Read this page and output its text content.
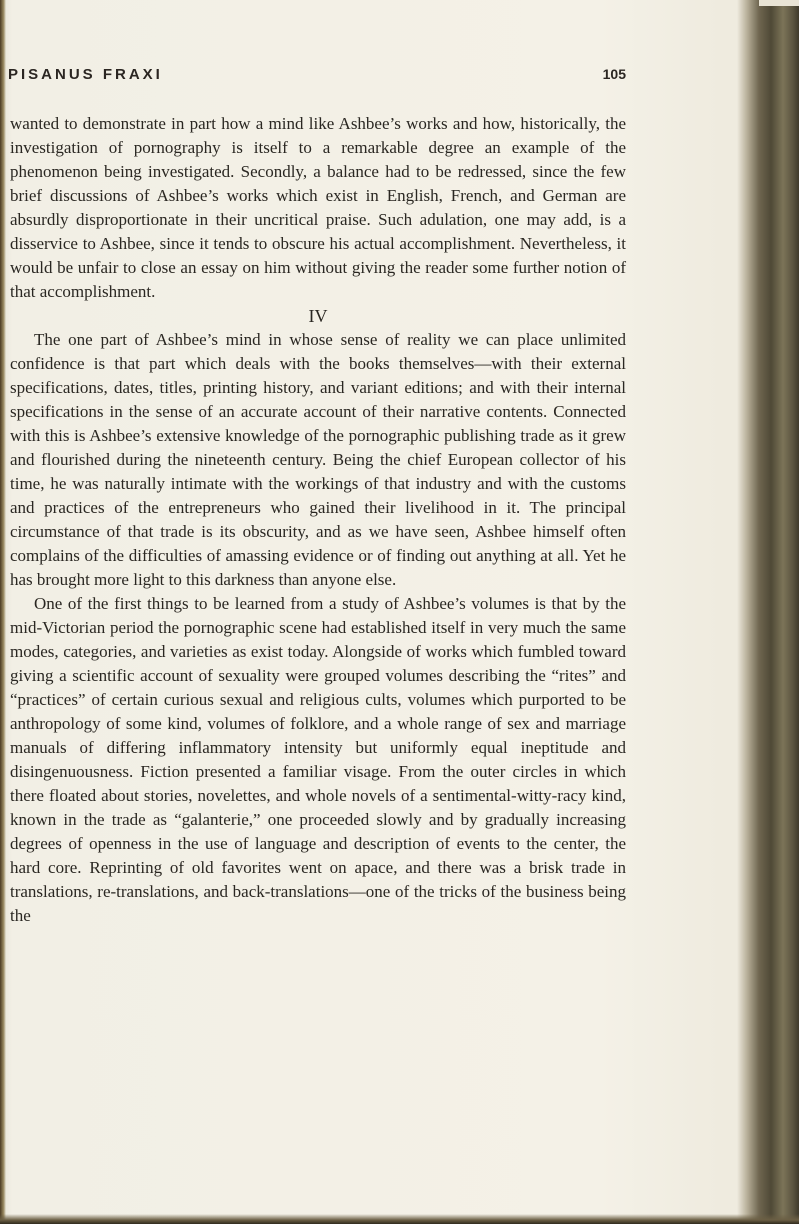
PISANUS FRAXI	105

wanted to demonstrate in part how a mind like Ashbee’s works and how, historically, the investigation of pornography is itself to a remarkable degree an example of the phenomenon being investigated. Secondly, a balance had to be redressed, since the few brief discussions of Ashbee’s works which exist in English, French, and German are absurdly disproportionate in their uncritical praise. Such adulation, one may add, is a disservice to Ashbee, since it tends to obscure his actual accomplishment. Nevertheless, it would be unfair to close an essay on him without giving the reader some further notion of that accomplishment.

IV

The one part of Ashbee’s mind in whose sense of reality we can place unlimited confidence is that part which deals with the books themselves—with their external specifications, dates, titles, printing history, and variant editions; and with their internal specifications in the sense of an accurate account of their narrative contents. Connected with this is Ashbee’s extensive knowledge of the pornographic publishing trade as it grew and flourished during the nineteenth century. Being the chief European collector of his time, he was naturally intimate with the workings of that industry and with the customs and practices of the entrepreneurs who gained their livelihood in it. The principal circumstance of that trade is its obscurity, and as we have seen, Ashbee himself often complains of the difficulties of amassing evidence or of finding out anything at all. Yet he has brought more light to this darkness than anyone else.

One of the first things to be learned from a study of Ashbee’s volumes is that by the mid-Victorian period the pornographic scene had established itself in very much the same modes, categories, and varieties as exist today. Alongside of works which fumbled toward giving a scientific account of sexuality were grouped volumes describing the “rites” and “practices” of certain curious sexual and religious cults, volumes which purported to be anthropology of some kind, volumes of folklore, and a whole range of sex and marriage manuals of differing inflammatory intensity but uniformly equal ineptitude and disingenuousness. Fiction presented a familiar visage. From the outer circles in which there floated about stories, novelettes, and whole novels of a sentimental-witty-racy kind, known in the trade as “galanterie,” one proceeded slowly and by gradually increasing degrees of openness in the use of language and description of events to the center, the hard core. Reprinting of old favorites went on apace, and there was a brisk trade in translations, re-translations, and back-translations—one of the tricks of the business being the
